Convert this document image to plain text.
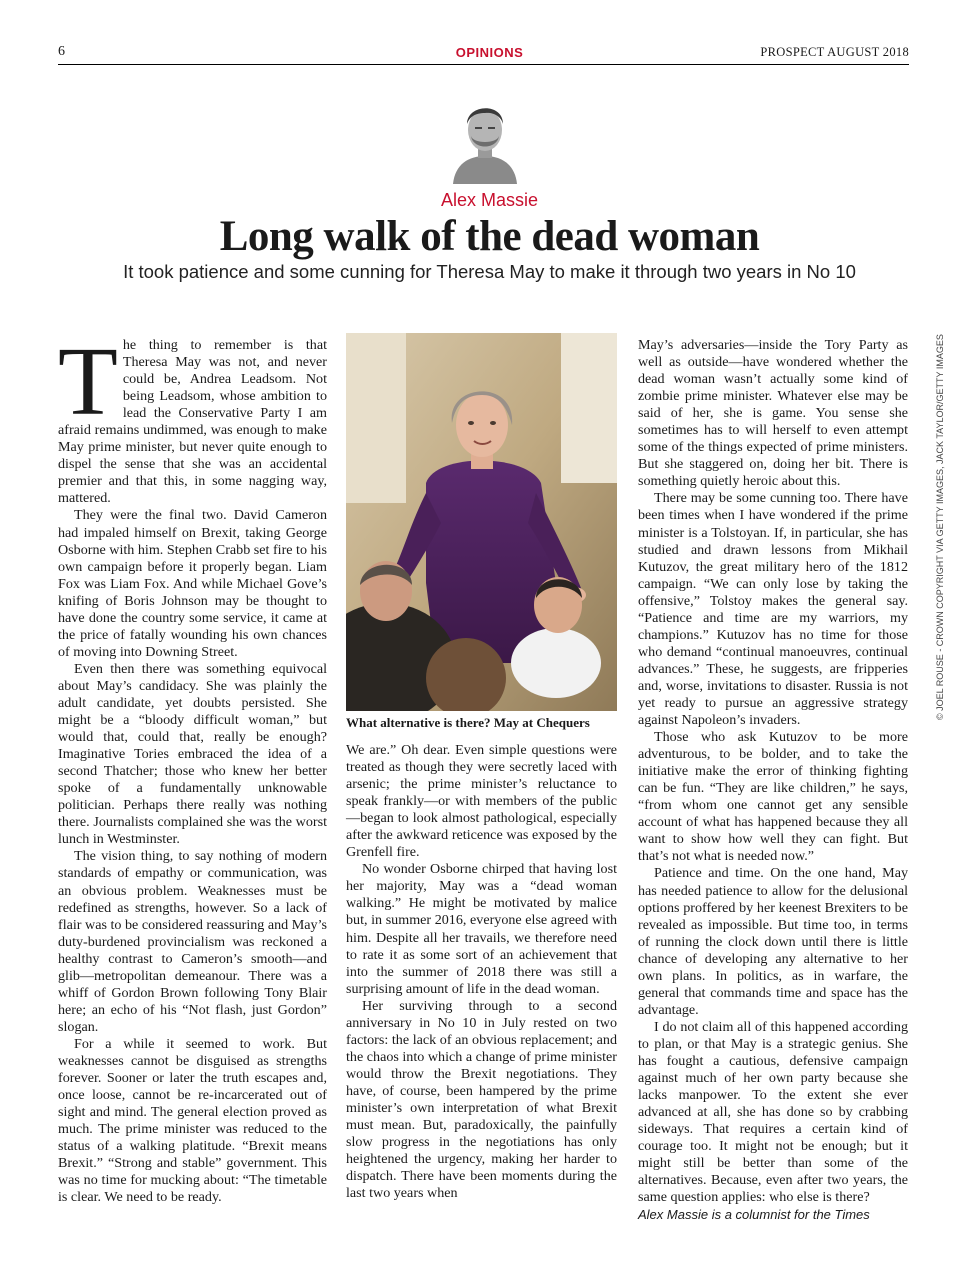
6	OPINIONS	PROSPECT AUGUST 2018
Alex Massie
Long walk of the dead woman
It took patience and some cunning for Theresa May to make it through two years in No 10

The thing to remember is that Theresa May was not, and never could be, Andrea Leadsom. Not being Leadsom, whose ambition to lead the Conservative Party I am afraid remains undimmed, was enough to make May prime minister, but never quite enough to dispel the sense that she was an accidental premier and that this, in some nagging way, mattered.

They were the final two. David Cameron had impaled himself on Brexit, taking George Osborne with him. Stephen Crabb set fire to his own campaign before it properly began. Liam Fox was Liam Fox. And while Michael Gove’s knifing of Boris Johnson may be thought to have done the country some service, it came at the price of fatally wounding his own chances of moving into Downing Street.

Even then there was something equivocal about May’s candidacy. She was plainly the adult candidate, yet doubts persisted. She might be a “bloody difficult woman,” but would that, could that, really be enough? Imaginative Tories embraced the idea of a second Thatcher; those who knew her better spoke of a fundamentally unknowable politician. Perhaps there really was nothing there. Journalists complained she was the worst lunch in Westminster.

The vision thing, to say nothing of modern standards of empathy or communication, was an obvious problem. Weaknesses must be redefined as strengths, however. So a lack of flair was to be considered reassuring and May’s duty-burdened provincialism was reckoned a healthy contrast to Cameron’s smooth—and glib—metropolitan demeanour. There was a whiff of Gordon Brown following Tony Blair here; an echo of his “Not flash, just Gordon” slogan.

For a while it seemed to work. But weaknesses cannot be disguised as strengths forever. Sooner or later the truth escapes and, once loose, cannot be re-incarcerated out of sight and mind. The general election proved as much. The prime minister was reduced to the status of a walking platitude. “Brexit means Brexit.” “Strong and stable” government. This was no time for mucking about: “The timetable is clear. We need to be ready.

What alternative is there? May at Chequers

We are.” Oh dear. Even simple questions were treated as though they were secretly laced with arsenic; the prime minister’s reluctance to speak frankly—or with members of the public—began to look almost pathological, especially after the awkward reticence was exposed by the Grenfell fire.

No wonder Osborne chirped that having lost her majority, May was a “dead woman walking.” He might be motivated by malice but, in summer 2016, everyone else agreed with him. Despite all her travails, we therefore need to rate it as some sort of an achievement that into the summer of 2018 there was still a surprising amount of life in the dead woman.

Her surviving through to a second anniversary in No 10 in July rested on two factors: the lack of an obvious replacement; and the chaos into which a change of prime minister would throw the Brexit negotiations. They have, of course, been hampered by the prime minister’s own interpretation of what Brexit must mean. But, paradoxically, the painfully slow progress in the negotiations has only heightened the urgency, making her harder to dispatch. There have been moments during the last two years when

May’s adversaries—inside the Tory Party as well as outside—have wondered whether the dead woman wasn’t actually some kind of zombie prime minister. Whatever else may be said of her, she is game. You sense she sometimes has to will herself to even attempt some of the things expected of prime ministers. But she staggered on, doing her bit. There is something quietly heroic about this.

There may be some cunning too. There have been times when I have wondered if the prime minister is a Tolstoyan. If, in particular, she has studied and drawn lessons from Mikhail Kutuzov, the great military hero of the 1812 campaign. “We can only lose by taking the offensive,” Tolstoy makes the general say. “Patience and time are my warriors, my champions.” Kutuzov has no time for those who demand “continual manoeuvres, continual advances.” These, he suggests, are fripperies and, worse, invitations to disaster. Russia is not yet ready to pursue an aggressive strategy against Napoleon’s invaders.

Those who ask Kutuzov to be more adventurous, to be bolder, and to take the initiative make the error of thinking fighting can be fun. “They are like children,” he says, “from whom one cannot get any sensible account of what has happened because they all want to show how well they can fight. But that’s not what is needed now.”

Patience and time. On the one hand, May has needed patience to allow for the delusional options proffered by her keenest Brexiters to be revealed as impossible. But time too, in terms of running the clock down until there is little chance of developing any alternative to her own plans. In politics, as in warfare, the general that commands time and space has the advantage.

I do not claim all of this happened according to plan, or that May is a strategic genius. She has fought a cautious, defensive campaign against much of her own party because she lacks manpower. To the extent she ever advanced at all, she has done so by crabbing sideways. That requires a certain kind of courage too. It might not be enough; but it might still be better than some of the alternatives. Because, even after two years, the same question applies: who else is there?

Alex Massie is a columnist for the Times

© JOEL ROUSE - CROWN COPYRIGHT VIA GETTY IMAGES, JACK TAYLOR/GETTY IMAGES
